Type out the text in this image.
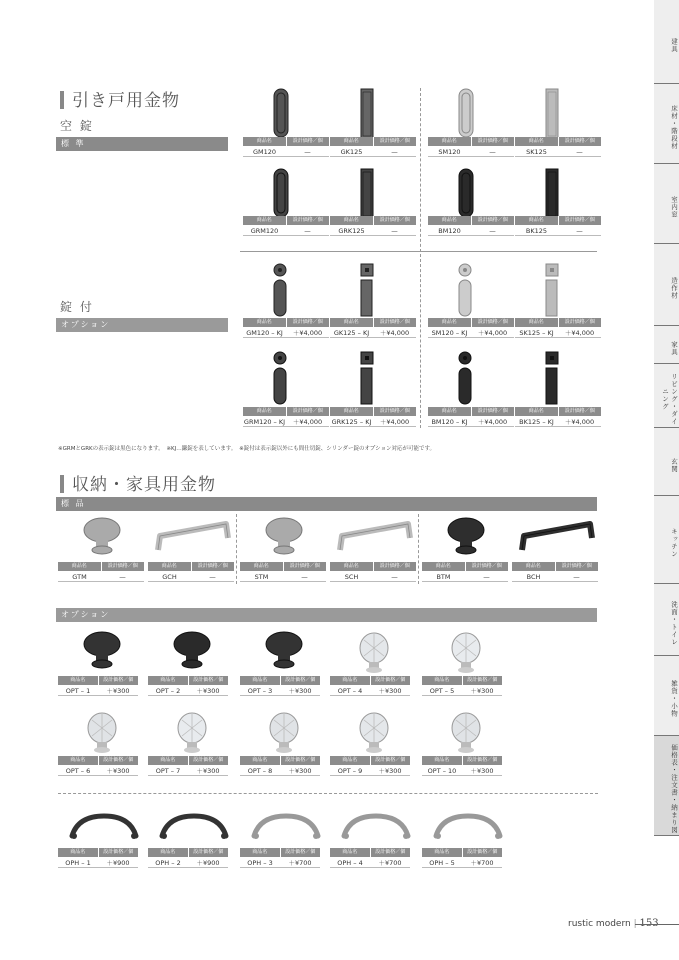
引き戸用金物
空 錠
標 準
錠 付
オプション
商品名	設計価格／個
GM120	—
商品名	設計価格／個
GK125	—
商品名	設計価格／個
SM120	—
商品名	設計価格／個
SK125	—
商品名	設計価格／個
GRM120	—
商品名	設計価格／個
GRK125	—
商品名	設計価格／個
BM120	—
商品名	設計価格／個
BK125	—
商品名	設計価格／個
GM120 – KJ	＋¥4,000
商品名	設計価格／個
GK125 – KJ	＋¥4,000
商品名	設計価格／個
SM120 – KJ	＋¥4,000
商品名	設計価格／個
SK125 – KJ	＋¥4,000
商品名	設計価格／個
GRM120 – KJ	＋¥4,000
商品名	設計価格／個
GRK125 – KJ	＋¥4,000
商品名	設計価格／個
BM120 – KJ	＋¥4,000
商品名	設計価格／個
BK125 – KJ	＋¥4,000
※GRMとGRKの表示錠は黒色になります。　※KJ…鎌錠を表しています。　※錠付は表示錠以外にも間仕切錠、シリンダー錠のオプション対応が可能です。
収納・家具用金物
標 品
オプション
商品名	設計価格／個
GTM	—
商品名	設計価格／個
GCH	—
商品名	設計価格／個
STM	—
商品名	設計価格／個
SCH	—
商品名	設計価格／個
BTM	—
商品名	設計価格／個
BCH	—
商品名	設計価格／個
OPT – 1	＋¥300
商品名	設計価格／個
OPT – 2	＋¥300
商品名	設計価格／個
OPT – 3	＋¥300
商品名	設計価格／個
OPT – 4	＋¥300
商品名	設計価格／個
OPT – 5	＋¥300
商品名	設計価格／個
OPT – 6	＋¥300
商品名	設計価格／個
OPT – 7	＋¥300
商品名	設計価格／個
OPT – 8	＋¥300
商品名	設計価格／個
OPT – 9	＋¥300
商品名	設計価格／個
OPT – 10	＋¥300
商品名	設計価格／個
OPH – 1	＋¥900
商品名	設計価格／個
OPH – 2	＋¥900
商品名	設計価格／個
OPH – 3	＋¥700
商品名	設計価格／個
OPH – 4	＋¥700
商品名	設計価格／個
OPH – 5	＋¥700
建具
床材・階段材
室内窓
造作材
家具
リビング・ダイニング
玄関
キッチン
洗面・トイレ
雑貨・小物
価格表・注文書・納まり図
rustic modern
